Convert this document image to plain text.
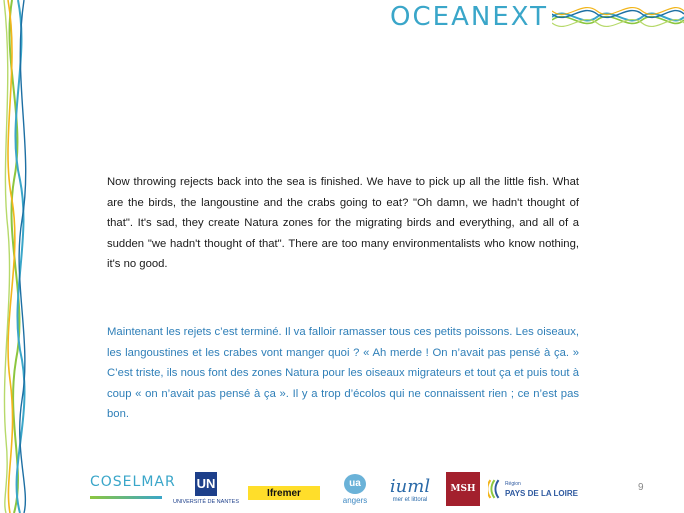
OCEANEXT
Now throwing rejects back into the sea is finished. We have to pick up all the little fish. What are the birds, the langoustine and the crabs going to eat? "Oh damn, we hadn't thought of that". It's sad, they create Natura zones for the migrating birds and everything, and all of a sudden "we hadn't thought of that". There are too many environmentalists who know nothing, it's no good.
Maintenant les rejets c’est terminé. Il va falloir ramasser tous ces petits poissons. Les oiseaux, les langoustines et les crabes vont manger quoi ? « Ah merde ! On n’avait pas pensé à ça. » C’est triste, ils nous font des zones Natura pour les oiseaux migrateurs et tout ça et puis tout à coup « on n’avait pas pensé à ça ». Il y a trop d’écolos qui ne connaissent rien ; ce n’est pas bon.
COSELMAR UN
UNIVERSITÉ DE NANTES
Ifremer
ua
angers
iuml
mer et littoral
MSH	Région
PAYS DE LA LOIRE
9
